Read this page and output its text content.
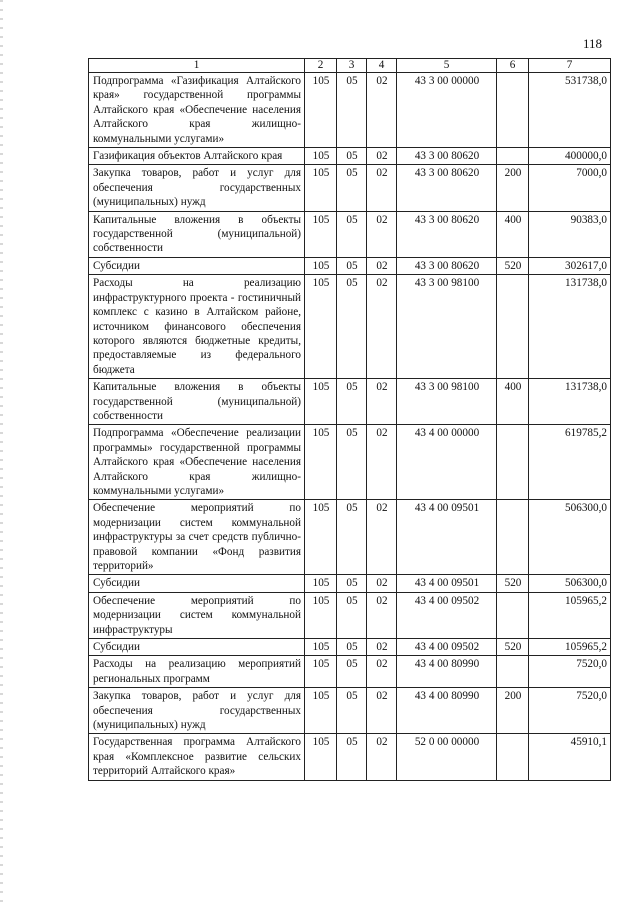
118
1	2	3	4	5	6	7
Подпрограмма «Газификация Алтайского края» государственной программы Алтайского края «Обеспечение населения Алтайского края жилищно-коммунальными услугами»	105	05	02	43 3 00 00000		531738,0
Газификация объектов Алтайского края	105	05	02	43 3 00 80620		400000,0
Закупка товаров, работ и услуг для обеспечения государственных (муниципальных) нужд	105	05	02	43 3 00 80620	200	7000,0
Капитальные вложения в объекты государственной (муниципальной) собственности	105	05	02	43 3 00 80620	400	90383,0
Субсидии	105	05	02	43 3 00 80620	520	302617,0
Расходы на реализацию инфраструктурного проекта - гостиничный комплекс с казино в Алтайском районе, источником финансового обеспечения которого являются бюджетные кредиты, предоставляемые из федерального бюджета	105	05	02	43 3 00 98100		131738,0
Капитальные вложения в объекты государственной (муниципальной) собственности	105	05	02	43 3 00 98100	400	131738,0
Подпрограмма «Обеспечение реализации программы» государственной программы Алтайского края «Обеспечение населения Алтайского края жилищно-коммунальными услугами»	105	05	02	43 4 00 00000		619785,2
Обеспечение мероприятий по модернизации систем коммунальной инфраструктуры за счет средств публично-правовой компании «Фонд развития территорий»	105	05	02	43 4 00 09501		506300,0
Субсидии	105	05	02	43 4 00 09501	520	506300,0
Обеспечение мероприятий по модернизации систем коммунальной инфраструктуры	105	05	02	43 4 00 09502		105965,2
Субсидии	105	05	02	43 4 00 09502	520	105965,2
Расходы на реализацию мероприятий региональных программ	105	05	02	43 4 00 80990		7520,0
Закупка товаров, работ и услуг для обеспечения государственных (муниципальных) нужд	105	05	02	43 4 00 80990	200	7520,0
Государственная программа Алтайского края «Комплексное развитие сельских территорий Алтайского края»	105	05	02	52 0 00 00000		45910,1
